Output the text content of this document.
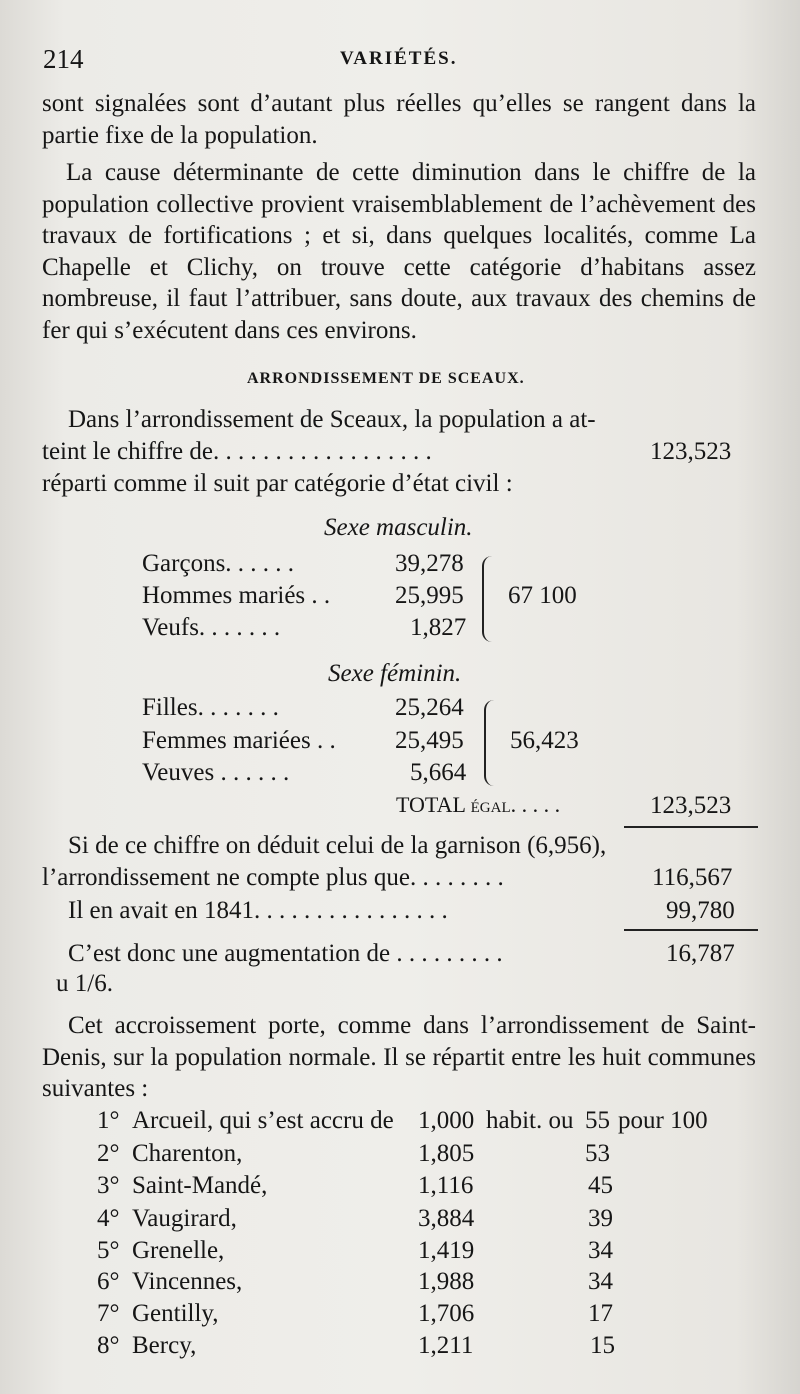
214	VARIÉTÉS.
sont signalées sont d’autant plus réelles qu’elles se rangent dans la partie fixe de la population.
La cause déterminante de cette diminution dans le chiffre de la population collective provient vraisemblablement de l’achèvement des travaux de fortifications ; et si, dans quelques localités, comme La Chapelle et Clichy, on trouve cette catégorie d’habitans assez nombreuse, il faut l’attribuer, sans doute, aux travaux des chemins de fer qui s’exécutent dans ces environs.
ARRONDISSEMENT DE SCEAUX.
Dans l’arrondissement de Sceaux, la population a at-
teint le chiffre de. . . . . . . . . . . . . . . . . .	123,523
réparti comme il suit par catégorie d’état civil :
Sexe masculin.
Garçons. . . . . .	39,278
Hommes mariés . .	25,995
Veufs. . . . . . .	1,827
67 100
Sexe féminin.
Filles. . . . . . .	25,264
Femmes mariées . . 25,495
Veuves . . . . . .	5,664
56,423
TOTAL égal. . . . .	123,523
Si de ce chiffre on déduit celui de la garnison (6,956),
l’arrondissement ne compte plus que. . . . . . . .	116,567
Il en avait en 1841. . . . . . . . . . . . . . . .	99,780
C’est donc une augmentation de . . . . . . . . .	16,787
u 1/6.
Cet accroissement porte, comme dans l’arrondissement de Saint-Denis, sur la population normale. Il se répartit entre les huit communes suivantes :
1° Arcueil, qui s’est accru de 1,000 habit. ou 55 pour 100
2° Charenton,	1,805	53
3° Saint-Mandé,	1,116	45
4° Vaugirard,	3,884	39
5° Grenelle,	1,419	34
6° Vincennes,	1,988	34
7° Gentilly,	1,706	17
8° Bercy,	1,211	15
